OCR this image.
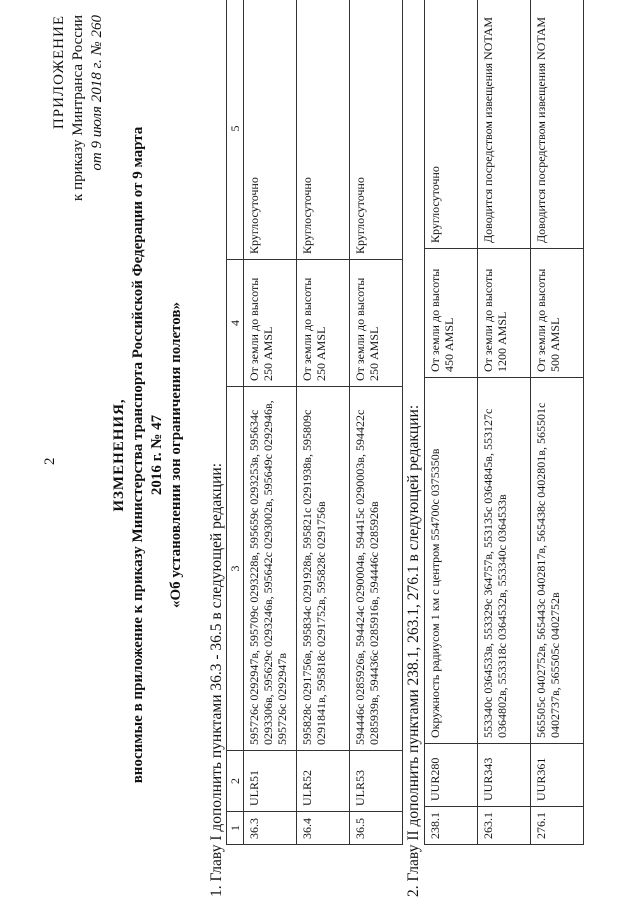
2
ПРИЛОЖЕНИЕ к приказу Минтранса России от 9 июля 2018 г. № 260
ИЗМЕНЕНИЯ, вносимые в приложение к приказу Министерства транспорта Российской Федерации от 9 марта 2016 г. № 47 «Об установлении зон ограничения полетов»
1. Главу I дополнить пунктами 36.3 - 36.5 в следующей редакции: 1	2	3	4	5
36.3	ULR51	595726с 0292947в, 595709с 0293228в, 595659с 0293253в, 595634с 0293306в, 595629с 0293246в, 595642с 0293002в, 595649с 0292946в, 595726с 0292947в	От земли до высоты 250 AMSL	Круглосуточно
36.4	ULR52	595828с 0291756в, 595834с 0291928в, 595821с 0291938в, 595809с 0291841в, 595818с 0291752в, 595828с 0291756в	От земли до высоты 250 AMSL	Круглосуточно
36.5	ULR53	594446с 0285926в, 594424с 0290004в, 594415с 0290003в, 594422с 0285939в, 594436с 0285916в, 594446с 0285926в	От земли до высоты 250 AMSL	Круглосуточно
2. Главу II дополнить пунктами 238.1, 263.1, 276.1 в следующей редакции: 238.1	UUR280	Окружность радиусом 1 км с центром 554700с 0375350в	От земли до высоты 450 AMSL	Круглосуточно
263.1	UUR343	553340с 0364533в, 553329с 364757в, 553135с 0364845в, 553127с 0364802в, 553318с 0364532в, 553340с 0364533в	От земли до высоты 1200 AMSL	Доводится посредством извещения NOTAM
276.1	UUR361	565505с 0402752в, 565443с 0402817в, 565438с 0402801в, 565501с 0402737в, 565505с 0402752в	От земли до высоты 500 AMSL	Доводится посредством извещения NOTAM
